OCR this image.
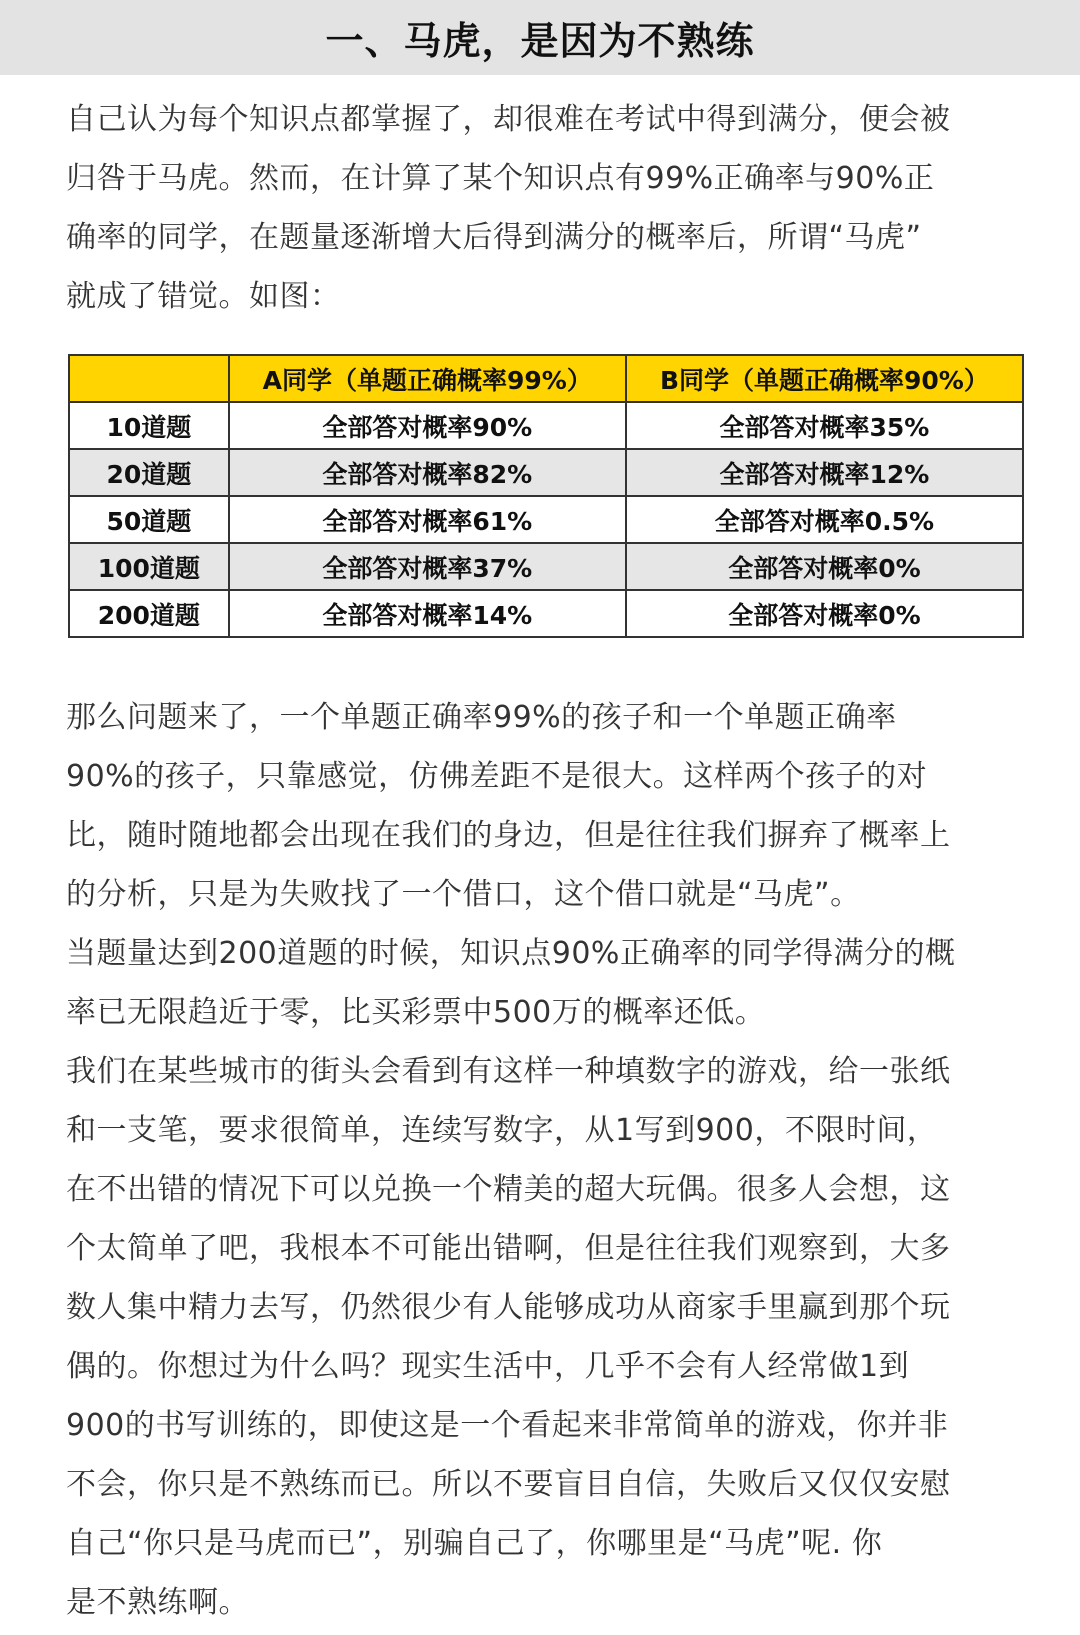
一、马虎，是因为不熟练
自己认为每个知识点都掌握了，却很难在考试中得到满分，便会被
归咎于马虎。然而，在计算了某个知识点有99%正确率与90%正
确率的同学，在题量逐渐增大后得到满分的概率后，所谓“马虎”
就成了错觉。如图：
	A同学（单题正确概率99%）	B同学（单题正确概率90%）
10道题	全部答对概率90%	全部答对概率35%
20道题	全部答对概率82%	全部答对概率12%
50道题	全部答对概率61%	全部答对概率0.5%
100道题	全部答对概率37%	全部答对概率0%
200道题	全部答对概率14%	全部答对概率0%
那么问题来了，一个单题正确率99%的孩子和一个单题正确率
90%的孩子，只靠感觉，仿佛差距不是很大。这样两个孩子的对
比，随时随地都会出现在我们的身边，但是往往我们摒弃了概率上
的分析，只是为失败找了一个借口，这个借口就是“马虎”。
当题量达到200道题的时候，知识点90%正确率的同学得满分的概
率已无限趋近于零，比买彩票中500万的概率还低。
我们在某些城市的街头会看到有这样一种填数字的游戏，给一张纸
和一支笔，要求很简单，连续写数字，从1写到900，不限时间，
在不出错的情况下可以兑换一个精美的超大玩偶。很多人会想，这
个太简单了吧，我根本不可能出错啊，但是往往我们观察到，大多
数人集中精力去写，仍然很少有人能够成功从商家手里赢到那个玩
偶的。你想过为什么吗？现实生活中，几乎不会有人经常做1到
900的书写训练的，即使这是一个看起来非常简单的游戏，你并非
不会，你只是不熟练而已。所以不要盲目自信，失败后又仅仅安慰
自己“你只是马虎而已”，别骗自己了，你哪里是“马虎”呢. 你
是不熟练啊。
